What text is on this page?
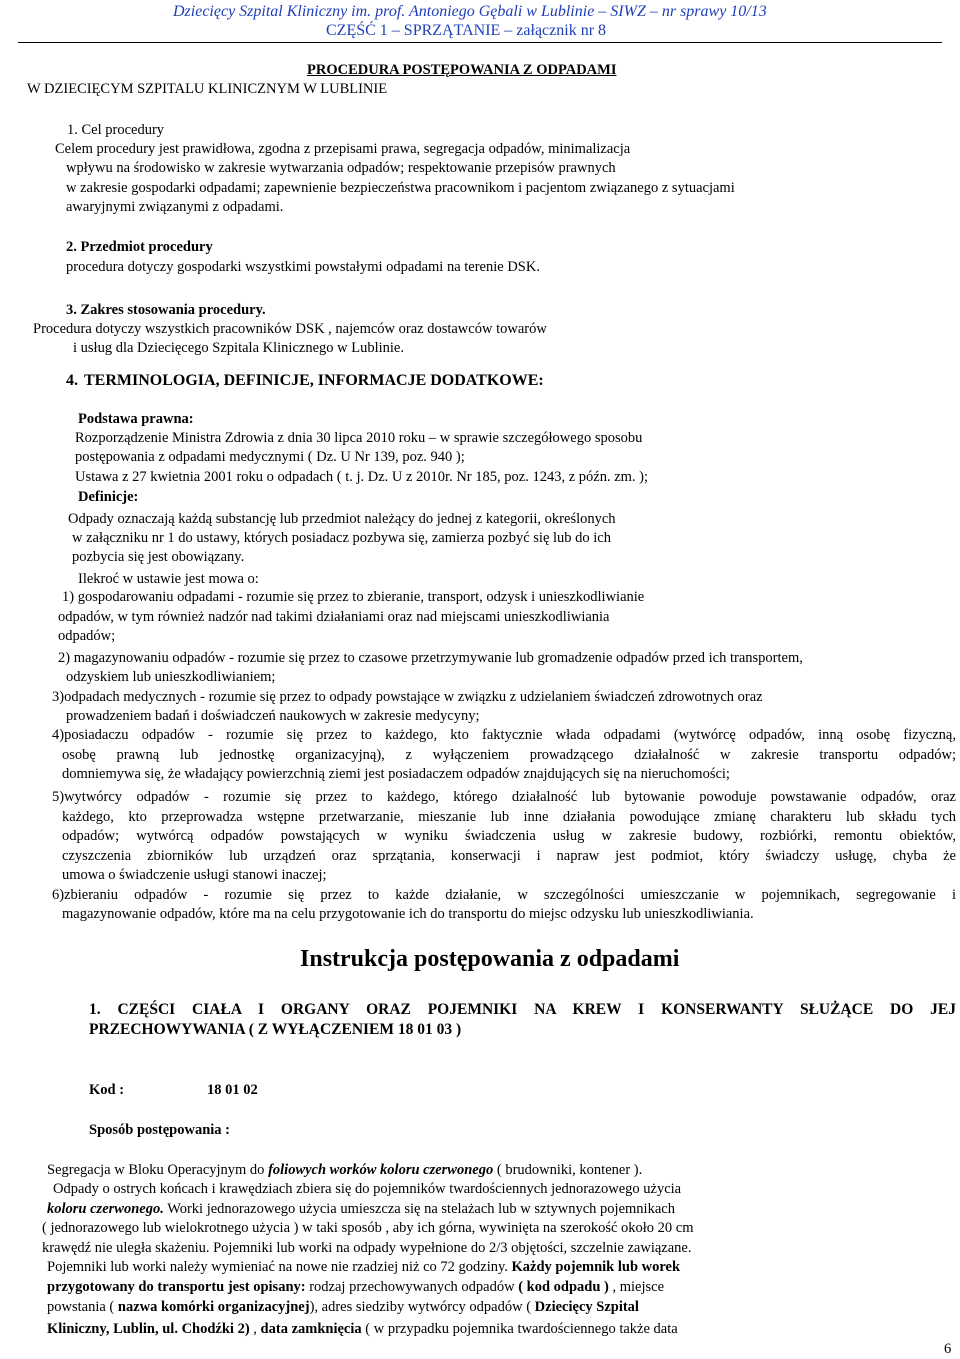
Dziecięcy Szpital Kliniczny im. prof. Antoniego Gębali w Lublinie – SIWZ – nr sprawy 10/13
CZĘŚĆ 1 – SPRZĄTANIE – załącznik nr 8
PROCEDURA POSTĘPOWANIA Z ODPADAMI
W DZIECIĘCYM SZPITALU KLINICZNYM W LUBLINIE
1. Cel procedury
Celem procedury jest prawidłowa, zgodna z przepisami prawa, segregacja odpadów, minimalizacja
wpływu na środowisko w zakresie wytwarzania odpadów; respektowanie przepisów prawnych
w zakresie gospodarki odpadami; zapewnienie bezpieczeństwa pracownikom i pacjentom związanego z sytuacjami
awaryjnymi związanymi z odpadami.
2. Przedmiot procedury
procedura dotyczy gospodarki wszystkimi powstałymi odpadami na terenie DSK.
3. Zakres stosowania procedury.
Procedura dotyczy wszystkich pracowników DSK , najemców oraz dostawców towarów
i usług dla Dziecięcego Szpitala Klinicznego w Lublinie.
4. TERMINOLOGIA, DEFINICJE, INFORMACJE DODATKOWE:
Podstawa prawna:
Rozporządzenie Ministra Zdrowia z dnia 30 lipca 2010 roku – w sprawie szczegółowego sposobu
postępowania z odpadami medycznymi ( Dz. U Nr 139, poz. 940 );
Ustawa z 27 kwietnia 2001 roku o odpadach ( t. j. Dz. U z 2010r. Nr 185, poz. 1243, z późn. zm. );
Definicje:
Odpady oznaczają każdą substancję lub przedmiot należący do jednej z kategorii, określonych
w załączniku nr 1 do ustawy, których posiadacz pozbywa się, zamierza pozbyć się lub do ich
pozbycia się jest obowiązany.
Ilekroć w ustawie jest mowa o:
1) gospodarowaniu odpadami - rozumie się przez to zbieranie, transport, odzysk i unieszkodliwianie
odpadów, w tym również nadzór nad takimi działaniami oraz nad miejscami unieszkodliwiania
odpadów;
2) magazynowaniu odpadów - rozumie się przez to czasowe przetrzymywanie lub gromadzenie odpadów przed ich transportem,
odzyskiem lub unieszkodliwianiem;
3)odpadach medycznych - rozumie się przez to odpady powstające w związku z udzielaniem świadczeń zdrowotnych oraz
prowadzeniem badań i doświadczeń naukowych w zakresie medycyny;
4)posiadaczu odpadów - rozumie się przez to każdego, kto faktycznie włada odpadami (wytwórcę odpadów, inną osobę fizyczną,
osobę prawną lub jednostkę organizacyjną), z wyłączeniem prowadzącego działalność w zakresie transportu odpadów;
domniemywa się, że władający powierzchnią ziemi jest posiadaczem odpadów znajdujących się na nieruchomości;
5)wytwórcy odpadów - rozumie się przez to każdego, którego działalność lub bytowanie powoduje powstawanie odpadów, oraz
każdego, kto przeprowadza wstępne przetwarzanie, mieszanie lub inne działania powodujące zmianę charakteru lub składu tych
odpadów; wytwórcą odpadów powstających w wyniku świadczenia usług w zakresie budowy, rozbiórki, remontu obiektów,
czyszczenia zbiorników lub urządzeń oraz sprzątania, konserwacji i napraw jest podmiot, który świadczy usługę, chyba że
umowa o świadczenie usługi stanowi inaczej;
6)zbieraniu odpadów - rozumie się przez to każde działanie, w szczególności umieszczanie w pojemnikach, segregowanie i
magazynowanie odpadów, które ma na celu przygotowanie ich do transportu do miejsc odzysku lub unieszkodliwiania.
Instrukcja postępowania z odpadami
1. CZĘŚCI CIAŁA I ORGANY ORAZ POJEMNIKI NA KREW I KONSERWANTY SŁUŻĄCE DO JEJ
PRZECHOWYWANIA ( Z WYŁĄCZENIEM 18 01 03 )
Kod :	18 01 02
Sposób postępowania :
Segregacja w Bloku Operacyjnym do foliowych worków koloru czerwonego ( brudowniki, kontener ).
Odpady o ostrych końcach i krawędziach zbiera się do pojemników twardościennych jednorazowego użycia
koloru czerwonego. Worki jednorazowego użycia umieszcza się na stelażach lub w sztywnych pojemnikach
( jednorazowego lub wielokrotnego użycia ) w taki sposób , aby ich górna, wywinięta na szerokość około 20 cm
krawędź nie uległa skażeniu. Pojemniki lub worki na odpady wypełnione do 2/3 objętości, szczelnie zawiązane.
Pojemniki lub worki należy wymieniać na nowe nie rzadziej niż co 72 godziny. Każdy pojemnik lub worek
przygotowany do transportu jest opisany: rodzaj przechowywanych odpadów ( kod odpadu ) , miejsce
powstania ( nazwa komórki organizacyjnej), adres siedziby wytwórcy odpadów ( Dziecięcy Szpital
Kliniczny, Lublin, ul. Chodźki 2) , data zamknięcia ( w przypadku pojemnika twardościennego także data
6
